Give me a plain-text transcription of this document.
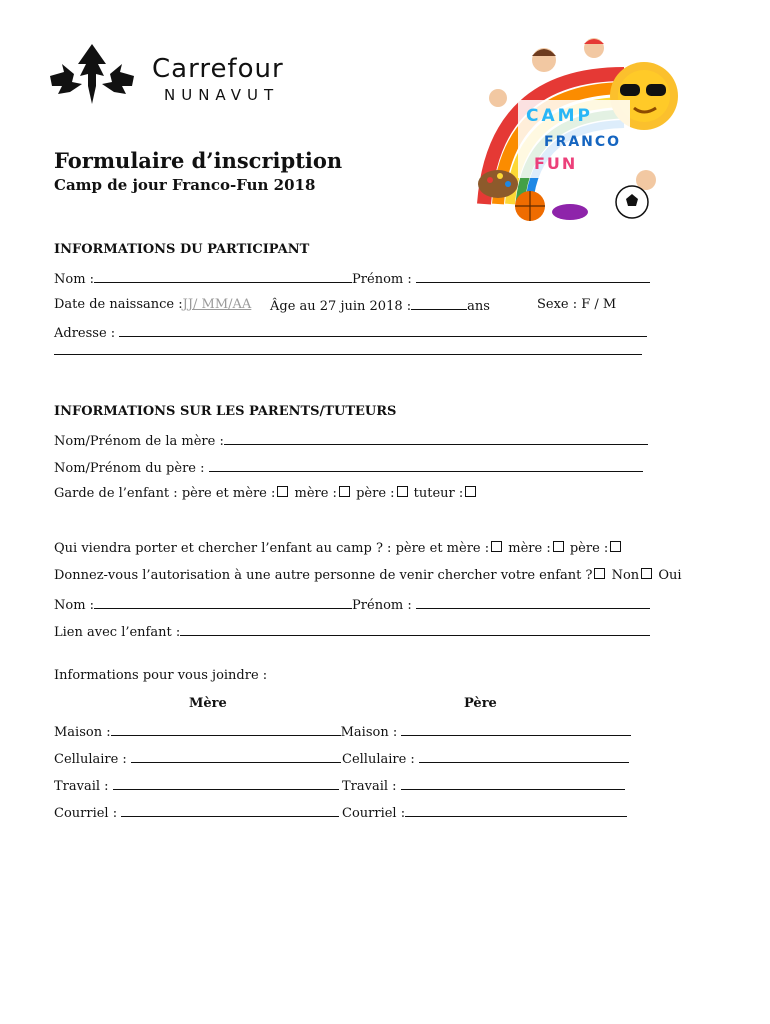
Carrefour
NUNAVUT
CAMP
FRANCO
FUN
Formulaire d’inscription
Camp de jour Franco-Fun 2018
INFORMATIONS DU PARTICIPANT
Nom :	Prénom :
Date de naissance :JJ/ MM/AA Âge au 27 juin 2018 :	ans	Sexe : F / M
Adresse :
INFORMATIONS SUR LES PARENTS/TUTEURS
Nom/Prénom de la mère :
Nom/Prénom du père :
Garde de l’enfant : père et mère : mère : père : tuteur :
Qui viendra porter et chercher l’enfant au camp ? : père et mère : mère : père :
Donnez-vous l’autorisation à une autre personne de venir chercher votre enfant ? Non Oui
Nom :	Prénom :
Lien avec l’enfant :
Informations pour vous joindre :
Mère	Père
Maison :	Maison :
Cellulaire :	Cellulaire :
Travail :	Travail :
Courriel :	Courriel :
